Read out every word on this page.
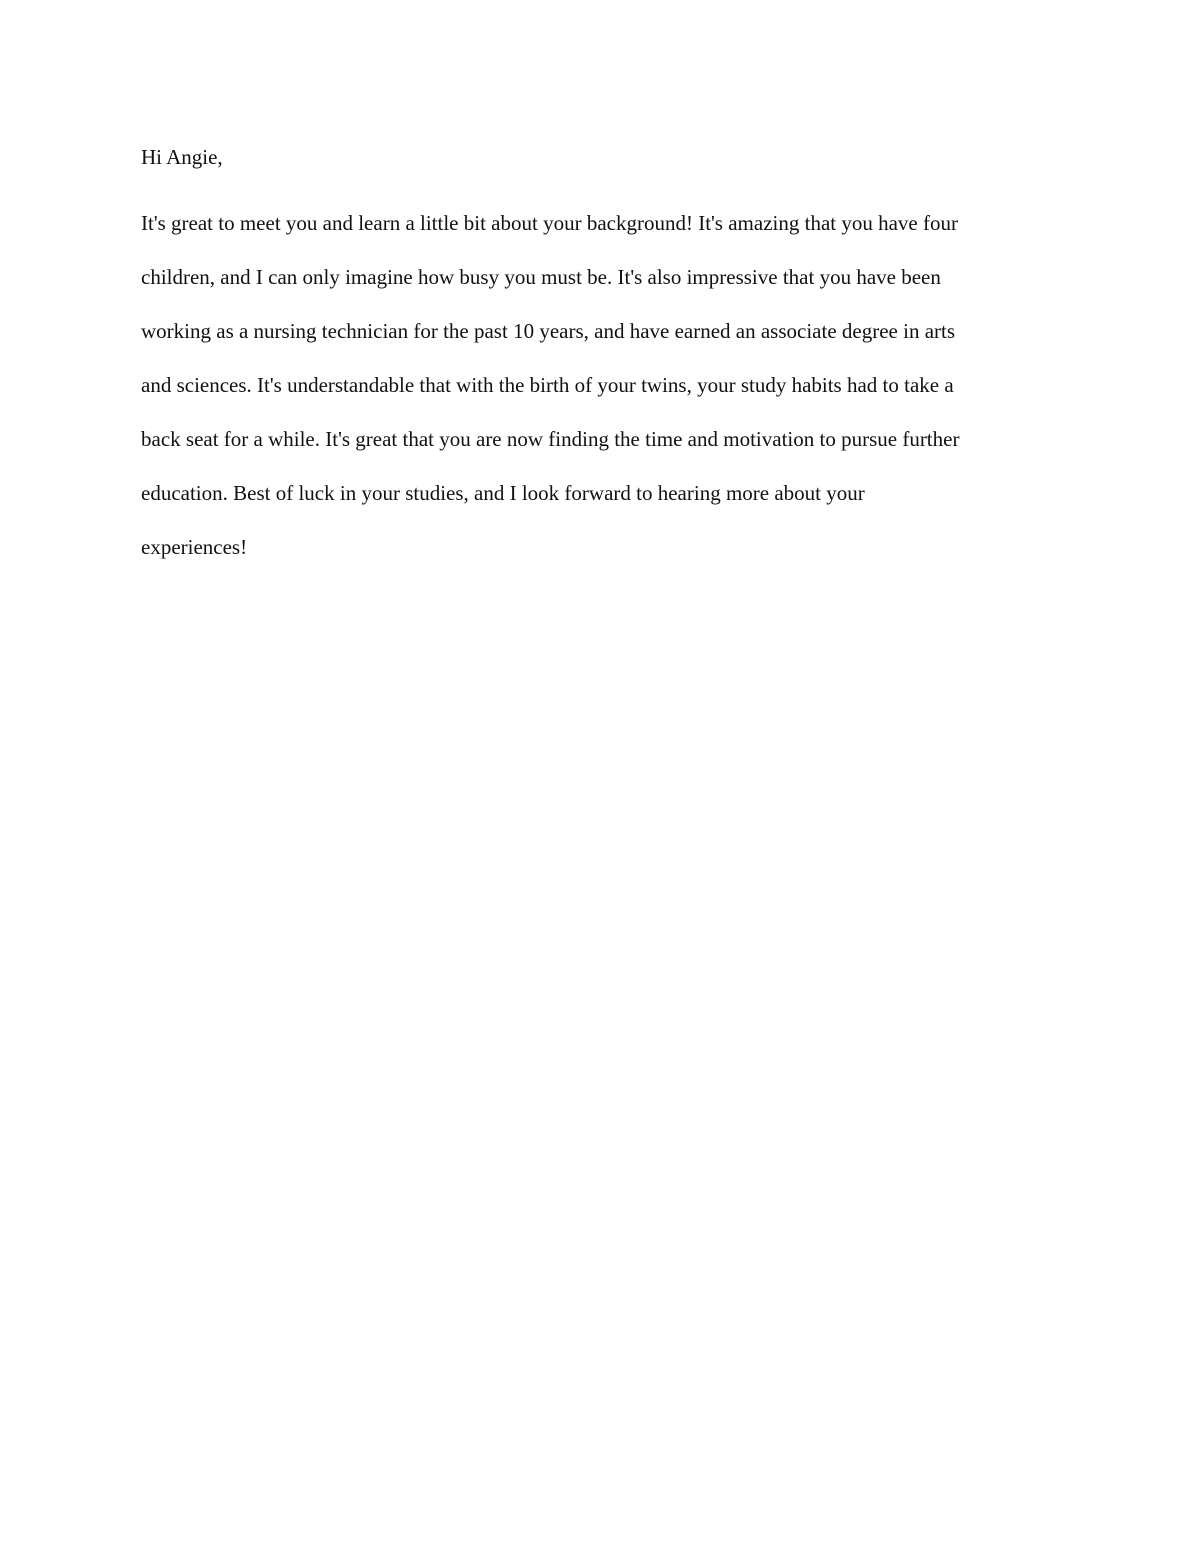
Hi Angie,

It's great to meet you and learn a little bit about your background! It's amazing that you have four
children, and I can only imagine how busy you must be. It's also impressive that you have been
working as a nursing technician for the past 10 years, and have earned an associate degree in arts
and sciences. It's understandable that with the birth of your twins, your study habits had to take a
back seat for a while. It's great that you are now finding the time and motivation to pursue further
education. Best of luck in your studies, and I look forward to hearing more about your
experiences!
